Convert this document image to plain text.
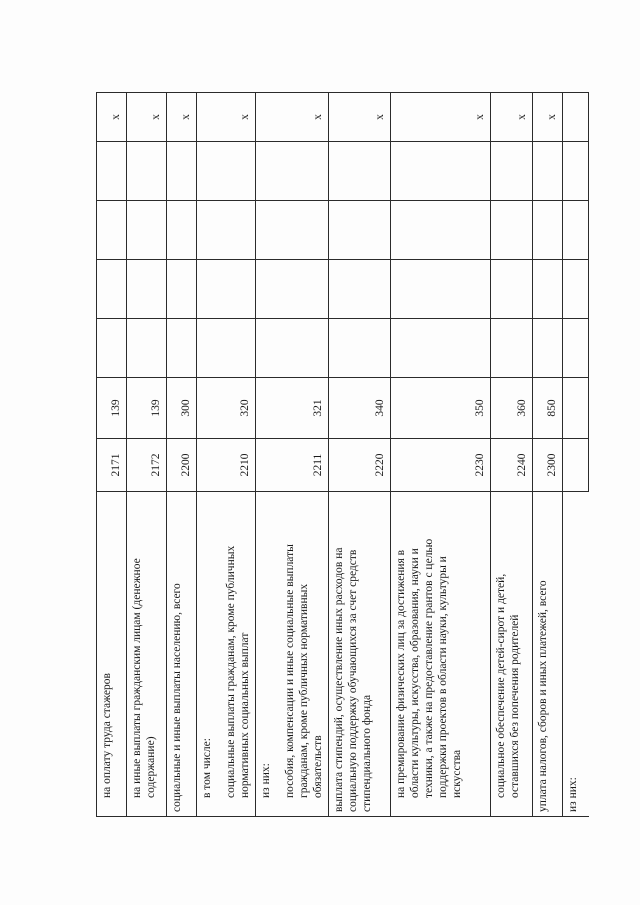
на оплату труда стажеров	2171	139					x

на иные выплаты гражданским лицам (денежное содержание)	2172	139					x

социальные и иные выплаты населению, всего	2200	300					x

в том числе: социальные выплаты гражданам, кроме публичных нормативных социальных выплат	2210	320					x

из них: пособия, компенсации и иные социальные выплаты гражданам, кроме публичных нормативных обязательств	2211	321					x

выплата стипендий, осуществление иных расходов на социальную поддержку обучающихся за счет средств стипендиального фонда	2220	340					x

на премирование физических лиц за достижения в области культуры, искусства, образования, науки и техники, а также на предоставление грантов с целью поддержки проектов в области науки, культуры и искусства	2230	350					x

социальное обеспечение детей-сирот и детей, оставшихся без попечения родителей	2240	360					x

уплата налогов, сборов и иных платежей, всего	2300	850					x

из них:							
